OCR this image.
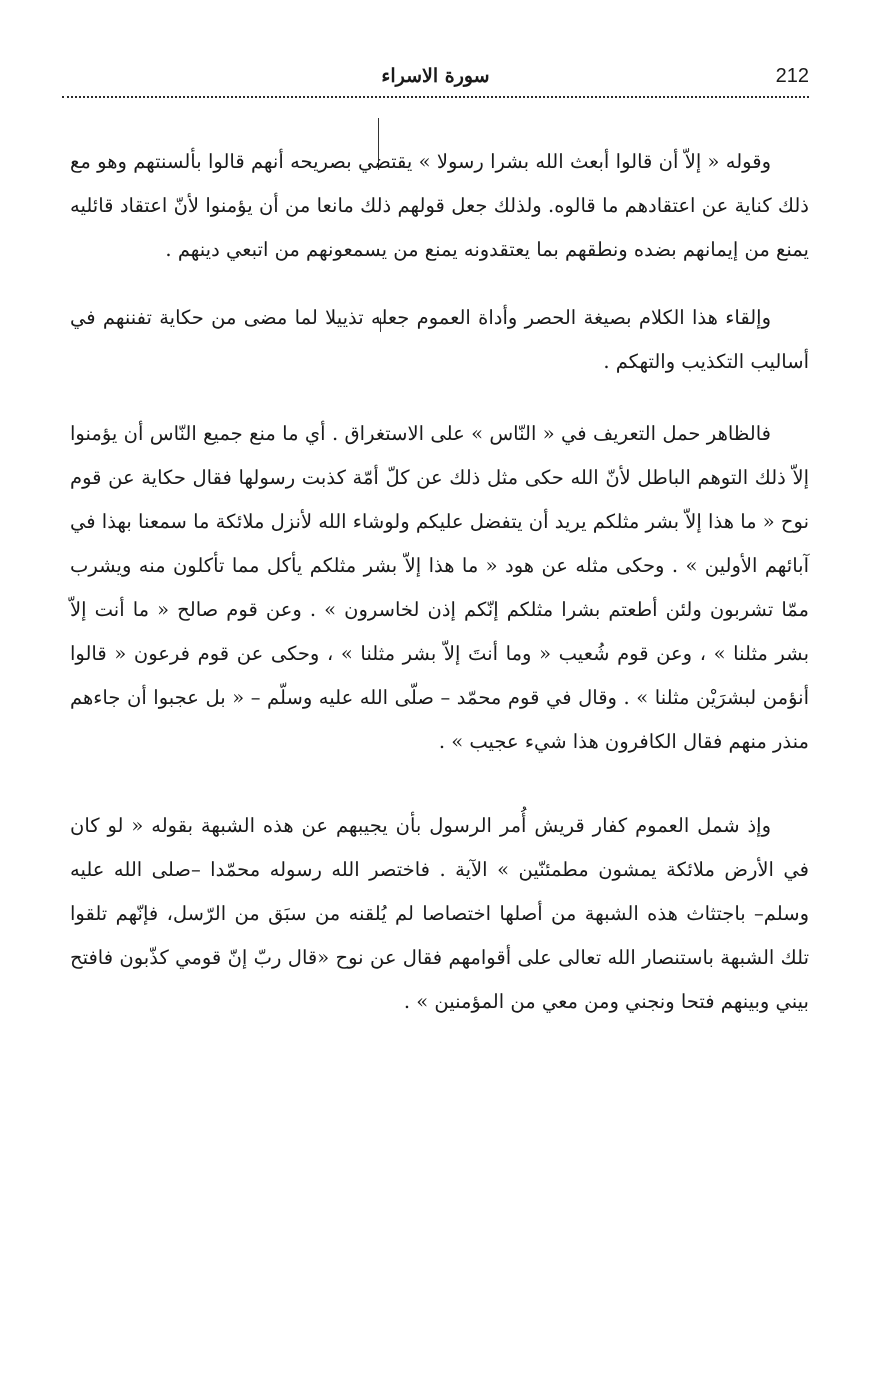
سورة الاسراء	212

وقوله « إلاّ أن قالوا أبعث الله بشرا رسولا » يقتضي بصريحه أنهم قالوا بألسنتهم وهو مع ذلك كناية عن اعتقادهم ما قالوه. ولذلك جعل قولهم ذلك مانعا من أن يؤمنوا لأنّ اعتقاد قائليه يمنع من إيمانهم بضده ونطقهم بما يعتقدونه يمنع من يسمعونهم من اتبعي دينهم .

وإلقاء هذا الكلام بصيغة الحصر وأداة العموم جعله تذييلا لما مضى من حكاية تفننهم في أساليب التكذيب والتهكم .

فالظاهر حمل التعريف في « النّاس » على الاستغراق . أي ما منع جميع النّاس أن يؤمنوا إلاّ ذلك التوهم الباطل لأنّ الله حكى مثل ذلك عن كلّ أمّة كذبت رسولها فقال حكاية عن قوم نوح « ما هذا إلاّ بشر مثلكم يريد أن يتفضل عليكم ولوشاء الله لأنزل ملائكة ما سمعنا بهذا في آبائهم الأولين » . وحكى مثله عن هود « ما هذا إلاّ بشر مثلكم يأكل مما تأكلون منه ويشرب ممّا تشربون ولئن أطعتم بشرا مثلكم إنّكم إذن لخاسرون » . وعن قوم صالح « ما أنت إلاّ بشر مثلنا » ، وعن قوم شُعيب « وما أنتَ إلاّ بشر مثلنا » ، وحكى عن قوم فرعون « قالوا أنؤمن لبشرَيْن مثلنا » . وقال في قوم محمّد – صلّى الله عليه وسلّم – « بل عجبوا أن جاءهم منذر منهم فقال الكافرون هذا شيء عجيب » .

وإذ شمل العموم كفار قريش أُمر الرسول بأن يجيبهم عن هذه الشبهة بقوله « لو كان في الأرض ملائكة يمشون مطمئنّين » الآية . فاختصر الله رسوله محمّدا –صلى الله عليه وسلم– باجتثاث هذه الشبهة من أصلها اختصاصا لم يُلقنه من سبَق من الرّسل، فإنّهم تلقوا تلك الشبهة باستنصار الله تعالى على أقوامهم فقال عن نوح «قال ربّ إنّ قومي كذّبون فافتح بيني وبينهم فتحا ونجني ومن معي من المؤمنين » .
